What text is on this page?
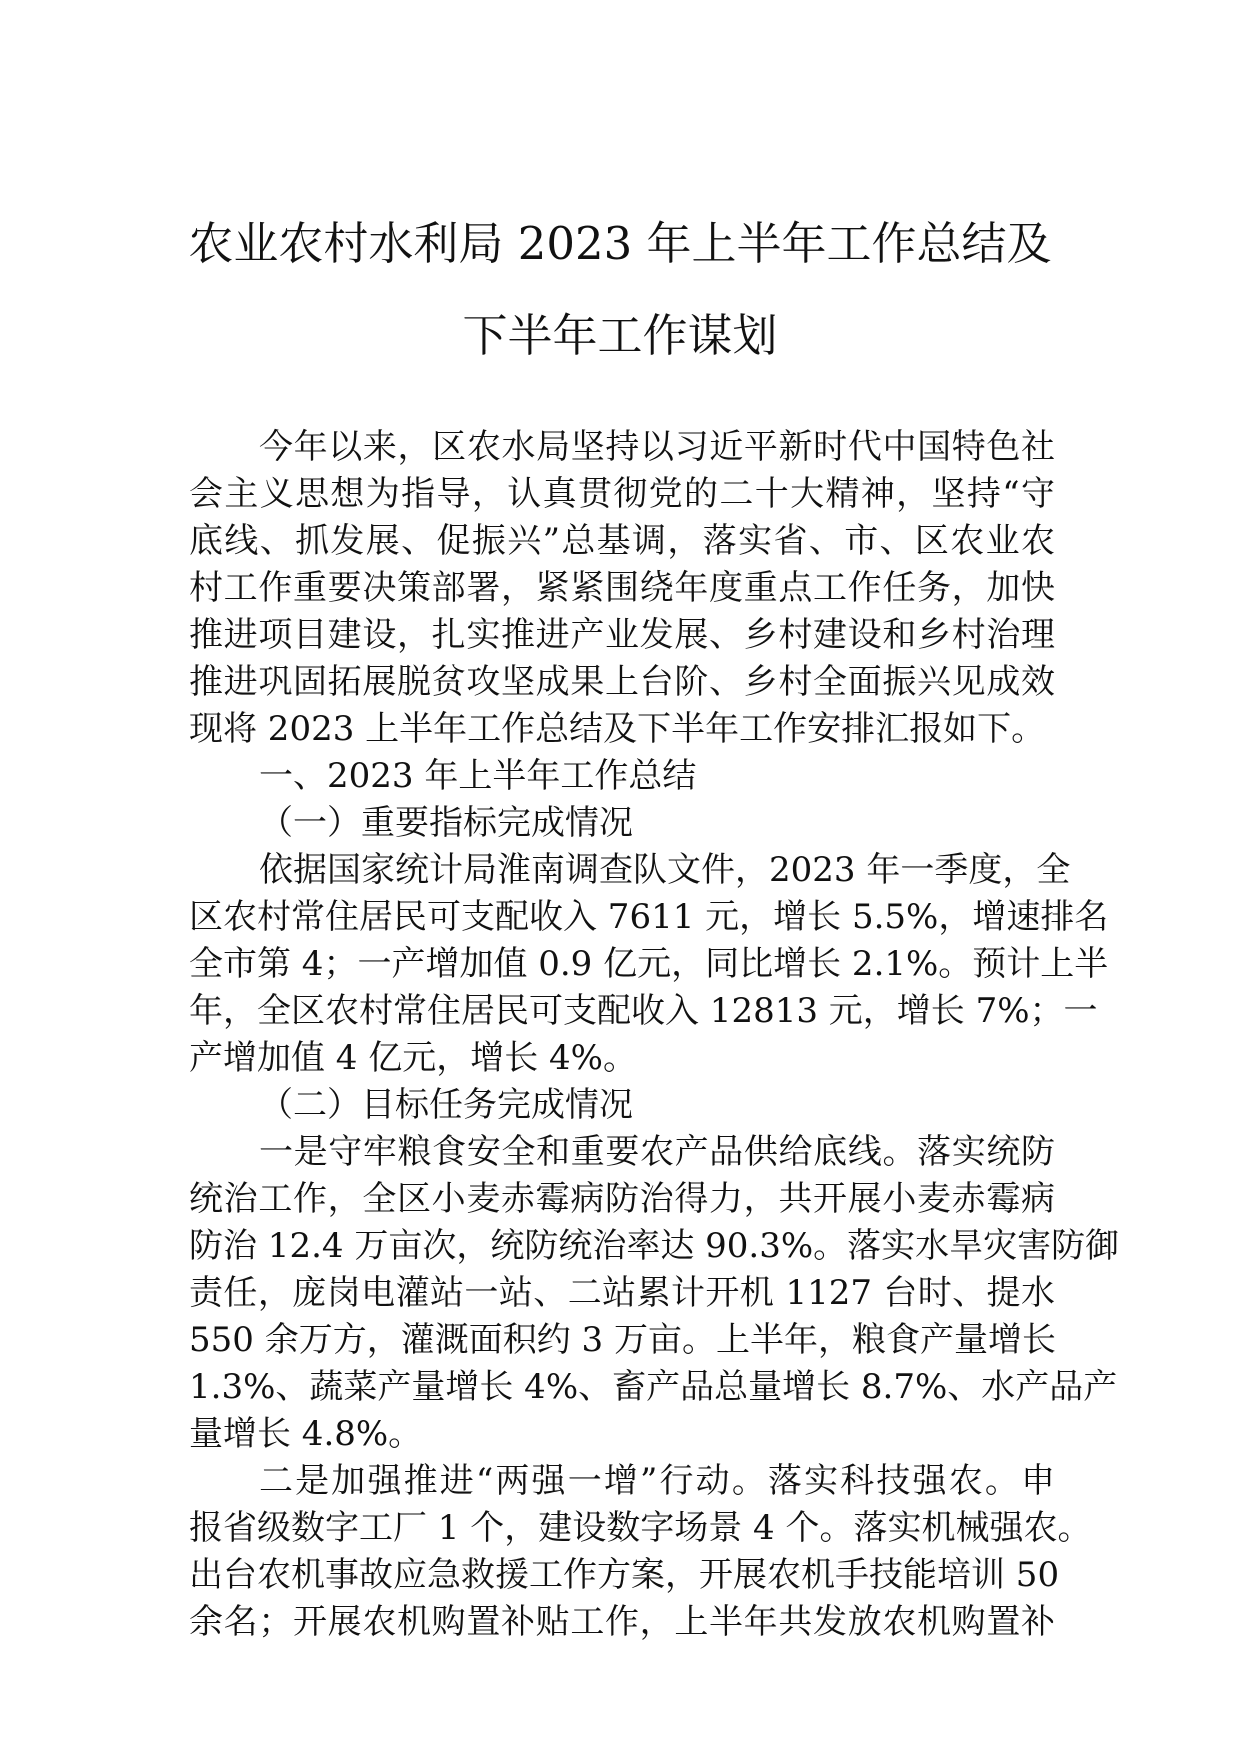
农业农村水利局 2023 年上半年工作总结及
下半年工作谋划
今年以来，区农水局坚持以习近平新时代中国特色社
会主义思想为指导，认真贯彻党的二十大精神，坚持“守
底线、抓发展、促振兴”总基调，落实省、市、区农业农
村工作重要决策部署，紧紧围绕年度重点工作任务，加快
推进项目建设，扎实推进产业发展、乡村建设和乡村治理
推进巩固拓展脱贫攻坚成果上台阶、乡村全面振兴见成效
现将 2023 上半年工作总结及下半年工作安排汇报如下。
一、2023 年上半年工作总结
（一）重要指标完成情况
依据国家统计局淮南调查队文件，2023 年一季度，全
区农村常住居民可支配收入 7611 元，增长 5.5%，增速排名
全市第 4；一产增加值 0.9 亿元，同比增长 2.1%。预计上半
年，全区农村常住居民可支配收入 12813 元，增长 7%；一
产增加值 4 亿元，增长 4%。
（二）目标任务完成情况
一是守牢粮食安全和重要农产品供给底线。落实统防
统治工作，全区小麦赤霉病防治得力，共开展小麦赤霉病
防治 12.4 万亩次，统防统治率达 90.3%。落实水旱灾害防御
责任，庞岗电灌站一站、二站累计开机 1127 台时、提水
550 余万方，灌溉面积约 3 万亩。上半年，粮食产量增长
1.3%、蔬菜产量增长 4%、畜产品总量增长 8.7%、水产品产
量增长 4.8%。
二是加强推进“两强一增”行动。落实科技强农。申
报省级数字工厂 1 个，建设数字场景 4 个。落实机械强农。
出台农机事故应急救援工作方案，开展农机手技能培训 50
余名；开展农机购置补贴工作，上半年共发放农机购置补
